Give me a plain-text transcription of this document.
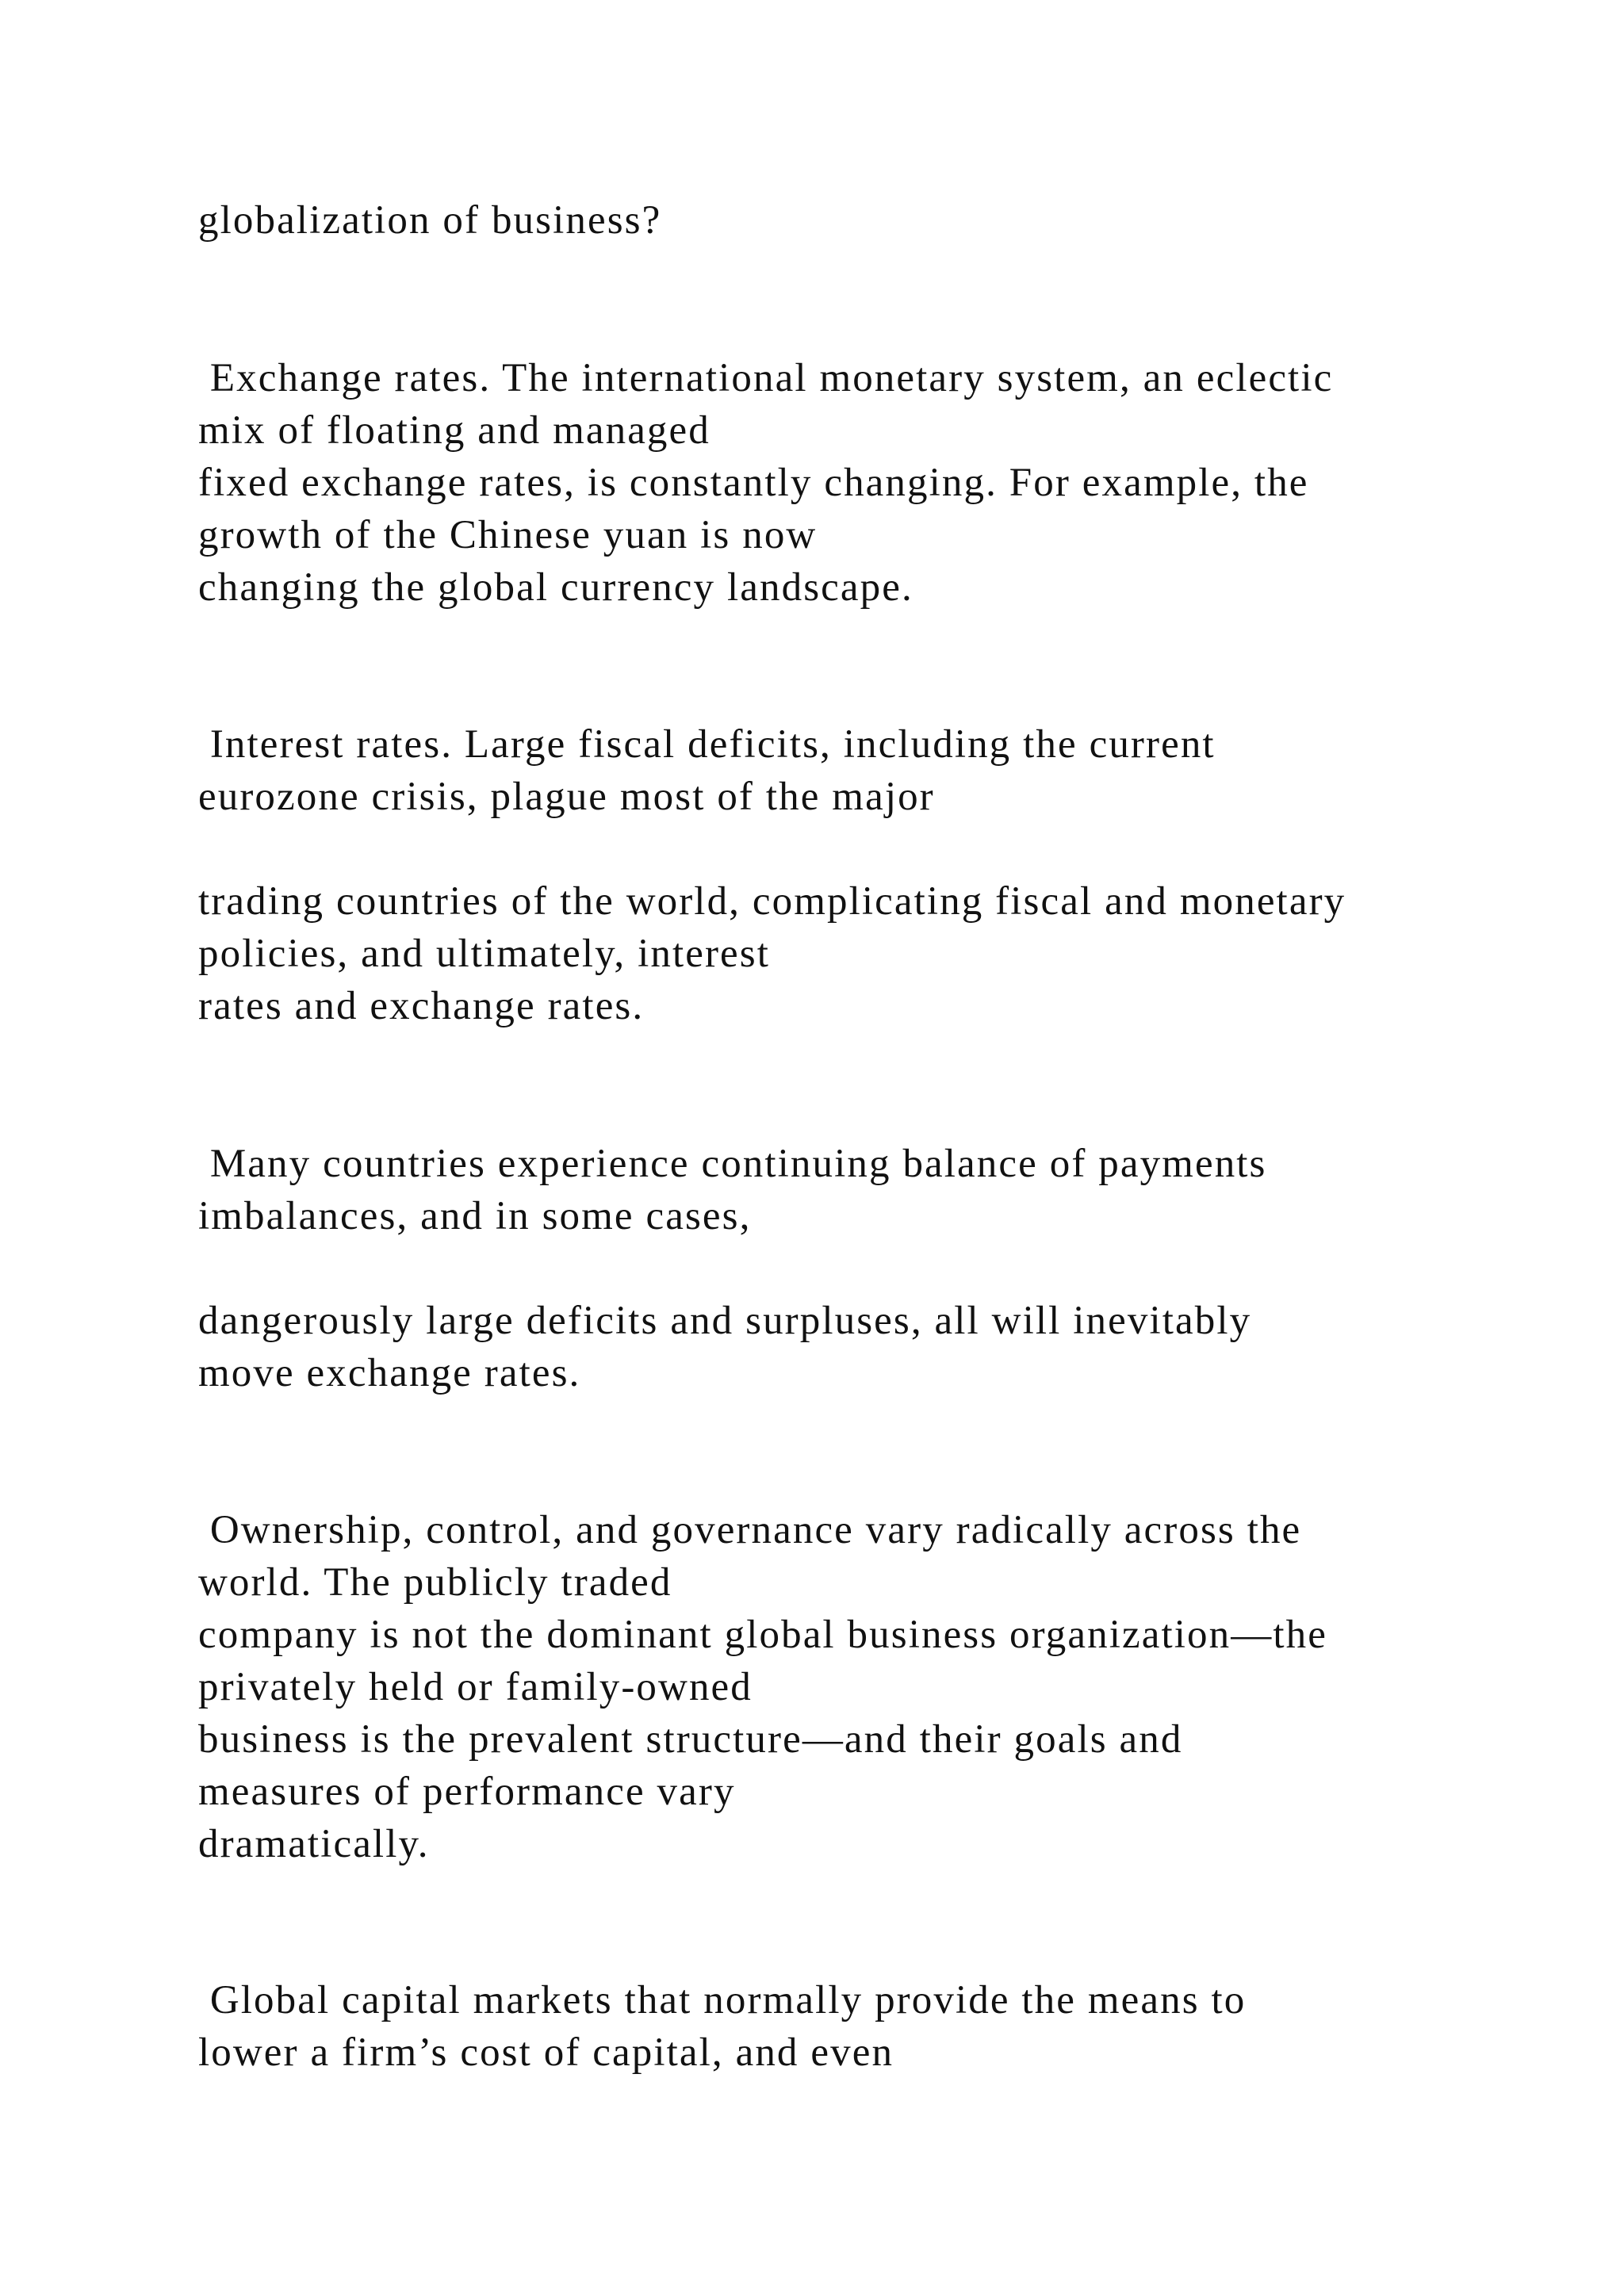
globalization of business?

Exchange rates. The international monetary system, an eclectic

mix of floating and managed

fixed exchange rates, is constantly changing. For example, the

growth of the Chinese yuan is now

changing the global currency landscape.

Interest rates. Large fiscal deficits, including the current

eurozone crisis, plague most of the major

trading countries of the world, complicating fiscal and monetary

policies, and ultimately, interest

rates and exchange rates.

Many countries experience continuing balance of payments

imbalances, and in some cases,

dangerously large deficits and surpluses, all will inevitably

move exchange rates.

Ownership, control, and governance vary radically across the

world. The publicly traded

company is not the dominant global business organization—the

privately held or family-owned

business is the prevalent structure—and their goals and

measures of performance vary

dramatically.

Global capital markets that normally provide the means to

lower a firm’s cost of capital, and even
